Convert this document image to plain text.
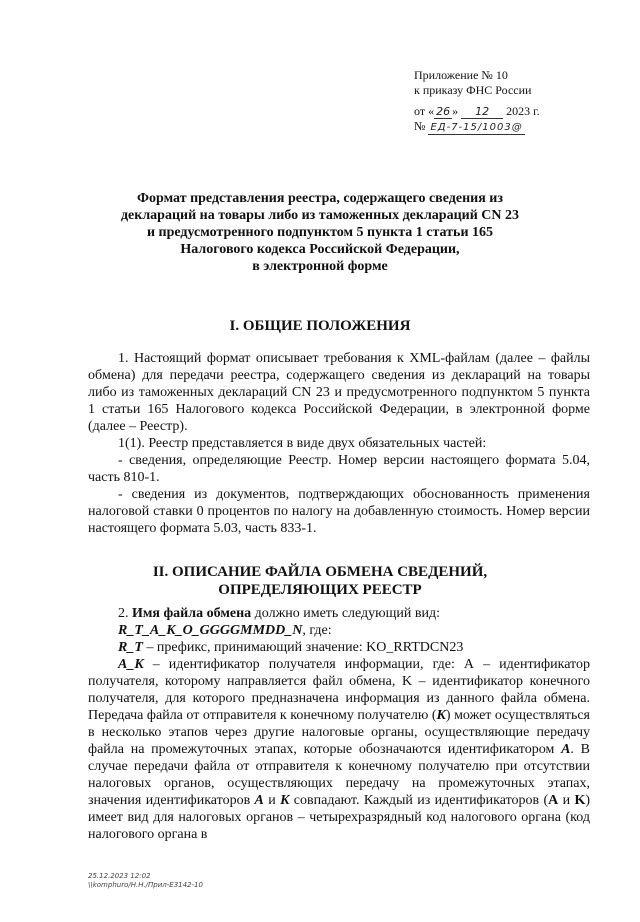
Приложение № 10
к приказу ФНС России
от « 26 » 12 2023 г.
№ ЕД-7-15/1003@
Формат представления реестра, содержащего сведения из
деклараций на товары либо из таможенных деклараций CN 23
и предусмотренного подпунктом 5 пункта 1 статьи 165
Налогового кодекса Российской Федерации,
в электронной форме
I. ОБЩИЕ ПОЛОЖЕНИЯ

1. Настоящий формат описывает требования к XML-файлам (далее – файлы обмена) для передачи реестра, содержащего сведения из деклараций на товары либо из таможенных деклараций CN 23 и предусмотренного подпунктом 5 пункта 1 статьи 165 Налогового кодекса Российской Федерации, в электронной форме (далее – Реестр).

1(1). Реестр представляется в виде двух обязательных частей:

- сведения, определяющие Реестр. Номер версии настоящего формата 5.04, часть 810-1.

- сведения из документов, подтверждающих обоснованность применения налоговой ставки 0 процентов по налогу на добавленную стоимость. Номер версии настоящего формата 5.03, часть 833-1.

II. ОПИСАНИЕ ФАЙЛА ОБМЕНА СВЕДЕНИЙ,
ОПРЕДЕЛЯЮЩИХ РЕЕСТР

2. Имя файла обмена должно иметь следующий вид:

R_T_A_K_O_GGGGMMDD_N, где:

R_T – префикс, принимающий значение: KO_RRTDCN23

A_K – идентификатор получателя информации, где: А – идентификатор получателя, которому направляется файл обмена, K – идентификатор конечного получателя, для которого предназначена информация из данного файла обмена. Передача файла от отправителя к конечному получателю (K) может осуществляться в несколько этапов через другие налоговые органы, осуществляющие передачу файла на промежуточных этапах, которые обозначаются идентификатором А. В случае передачи файла от отправителя к конечному получателю при отсутствии налоговых органов, осуществляющих передачу на промежуточных этапах, значения идентификаторов А и K совпадают. Каждый из идентификаторов (A и K) имеет вид для налоговых органов – четырехразрядный код налогового органа (код налогового органа в

25.12.2023 12:02
\\komphuro/Н.Н./Прил-Е3142-10
